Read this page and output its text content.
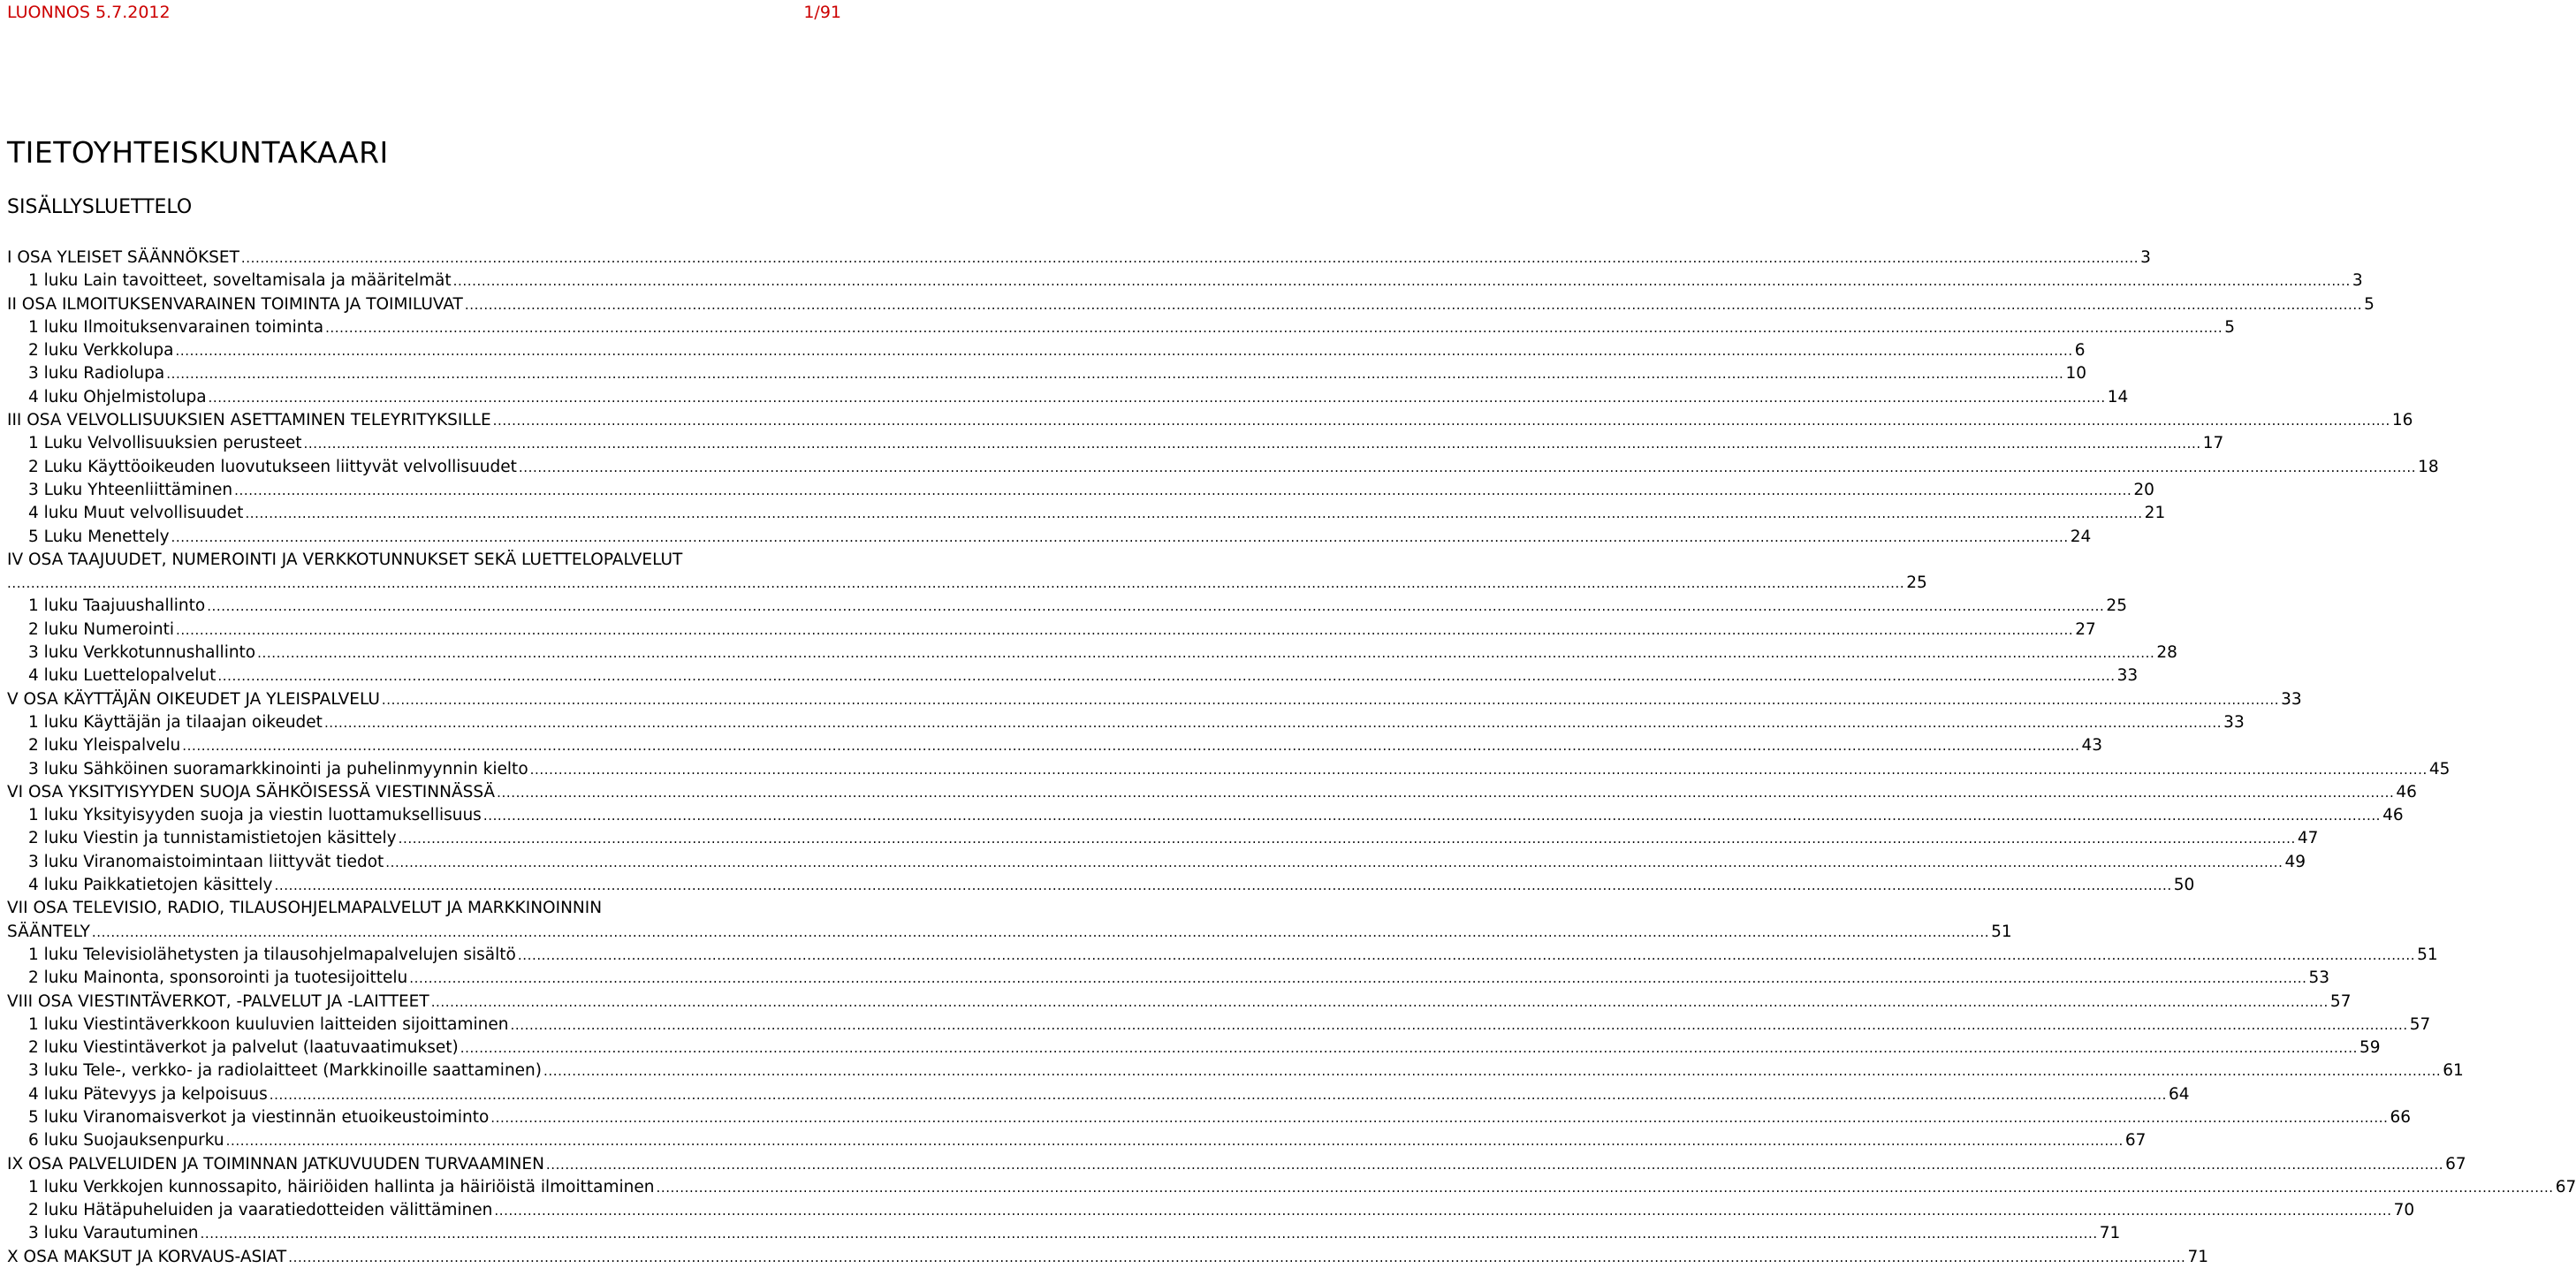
LUONNOS 5.7.2012	1/91
TIETOYHTEISKUNTAKAARI
SISÄLLYSLUETTELO
I OSA YLEISET SÄÄNNÖKSET ................................................................................................................................................................................................................................................................................................................................................................................................................ 3
1 luku Lain tavoitteet, soveltamisala ja määritelmät ................................................................................................................................................................................................................................................................................................................................................................................................................ 3
II OSA ILMOITUKSENVARAINEN TOIMINTA JA TOIMILUVAT ................................................................................................................................................................................................................................................................................................................................................................................................................ 5
1 luku Ilmoituksenvarainen toiminta ................................................................................................................................................................................................................................................................................................................................................................................................................ 5
2 luku Verkkolupa ................................................................................................................................................................................................................................................................................................................................................................................................................ 6
3 luku Radiolupa ................................................................................................................................................................................................................................................................................................................................................................................................................ 10
4 luku Ohjelmistolupa ................................................................................................................................................................................................................................................................................................................................................................................................................ 14
III OSA VELVOLLISUUKSIEN ASETTAMINEN TELEYRITYKSILLE ................................................................................................................................................................................................................................................................................................................................................................................................................ 16
1 Luku Velvollisuuksien perusteet ................................................................................................................................................................................................................................................................................................................................................................................................................ 17
2 Luku Käyttöoikeuden luovutukseen liittyvät velvollisuudet ................................................................................................................................................................................................................................................................................................................................................................................................................ 18
3 Luku Yhteenliittäminen ................................................................................................................................................................................................................................................................................................................................................................................................................ 20
4 luku Muut velvollisuudet ................................................................................................................................................................................................................................................................................................................................................................................................................ 21
5 Luku Menettely ................................................................................................................................................................................................................................................................................................................................................................................................................ 24
IV OSA TAAJUUDET, NUMEROINTI JA VERKKOTUNNUKSET SEKÄ LUETTELOPALVELUT
................................................................................................................................................................................................................................................................................................................................................................................................................ 25
1 luku Taajuushallinto ................................................................................................................................................................................................................................................................................................................................................................................................................ 25
2 luku Numerointi ................................................................................................................................................................................................................................................................................................................................................................................................................ 27
3 luku Verkkotunnushallinto ................................................................................................................................................................................................................................................................................................................................................................................................................ 28
4 luku Luettelopalvelut ................................................................................................................................................................................................................................................................................................................................................................................................................ 33
V OSA KÄYTTÄJÄN OIKEUDET JA YLEISPALVELU ................................................................................................................................................................................................................................................................................................................................................................................................................ 33
1 luku Käyttäjän ja tilaajan oikeudet ................................................................................................................................................................................................................................................................................................................................................................................................................ 33
2 luku Yleispalvelu ................................................................................................................................................................................................................................................................................................................................................................................................................ 43
3 luku Sähköinen suoramarkkinointi ja puhelinmyynnin kielto ................................................................................................................................................................................................................................................................................................................................................................................................................ 45
VI OSA YKSITYISYYDEN SUOJA SÄHKÖISESSÄ VIESTINNÄSSÄ ................................................................................................................................................................................................................................................................................................................................................................................................................ 46
1 luku Yksityisyyden suoja ja viestin luottamuksellisuus ................................................................................................................................................................................................................................................................................................................................................................................................................ 46
2 luku Viestin ja tunnistamistietojen käsittely ................................................................................................................................................................................................................................................................................................................................................................................................................ 47
3 luku Viranomaistoimintaan liittyvät tiedot ................................................................................................................................................................................................................................................................................................................................................................................................................ 49
4 luku Paikkatietojen käsittely ................................................................................................................................................................................................................................................................................................................................................................................................................ 50
VII OSA TELEVISIO, RADIO, TILAUSOHJELMAPALVELUT JA MARKKINOINNIN
SÄÄNTELY ................................................................................................................................................................................................................................................................................................................................................................................................................ 51
1 luku Televisiolähetysten ja tilausohjelmapalvelujen sisältö ................................................................................................................................................................................................................................................................................................................................................................................................................ 51
2 luku Mainonta, sponsorointi ja tuotesijoittelu ................................................................................................................................................................................................................................................................................................................................................................................................................ 53
VIII OSA VIESTINTÄVERKOT, -PALVELUT JA -LAITTEET ................................................................................................................................................................................................................................................................................................................................................................................................................ 57
1 luku Viestintäverkkoon kuuluvien laitteiden sijoittaminen ................................................................................................................................................................................................................................................................................................................................................................................................................ 57
2 luku Viestintäverkot ja palvelut (laatuvaatimukset) ................................................................................................................................................................................................................................................................................................................................................................................................................ 59
3 luku Tele-, verkko- ja radiolaitteet (Markkinoille saattaminen) ................................................................................................................................................................................................................................................................................................................................................................................................................ 61
4 luku Pätevyys ja kelpoisuus ................................................................................................................................................................................................................................................................................................................................................................................................................ 64
5 luku Viranomaisverkot ja viestinnän etuoikeustoiminto ................................................................................................................................................................................................................................................................................................................................................................................................................ 66
6 luku Suojauksenpurku ................................................................................................................................................................................................................................................................................................................................................................................................................ 67
IX OSA PALVELUIDEN JA TOIMINNAN JATKUVUUDEN TURVAAMINEN ................................................................................................................................................................................................................................................................................................................................................................................................................ 67
1 luku Verkkojen kunnossapito, häiriöiden hallinta ja häiriöistä ilmoittaminen ................................................................................................................................................................................................................................................................................................................................................................................................................ 67
2 luku Hätäpuheluiden ja vaaratiedotteiden välittäminen ................................................................................................................................................................................................................................................................................................................................................................................................................ 70
3 luku Varautuminen ................................................................................................................................................................................................................................................................................................................................................................................................................ 71
X OSA MAKSUT JA KORVAUS-ASIAT ................................................................................................................................................................................................................................................................................................................................................................................................................ 71
